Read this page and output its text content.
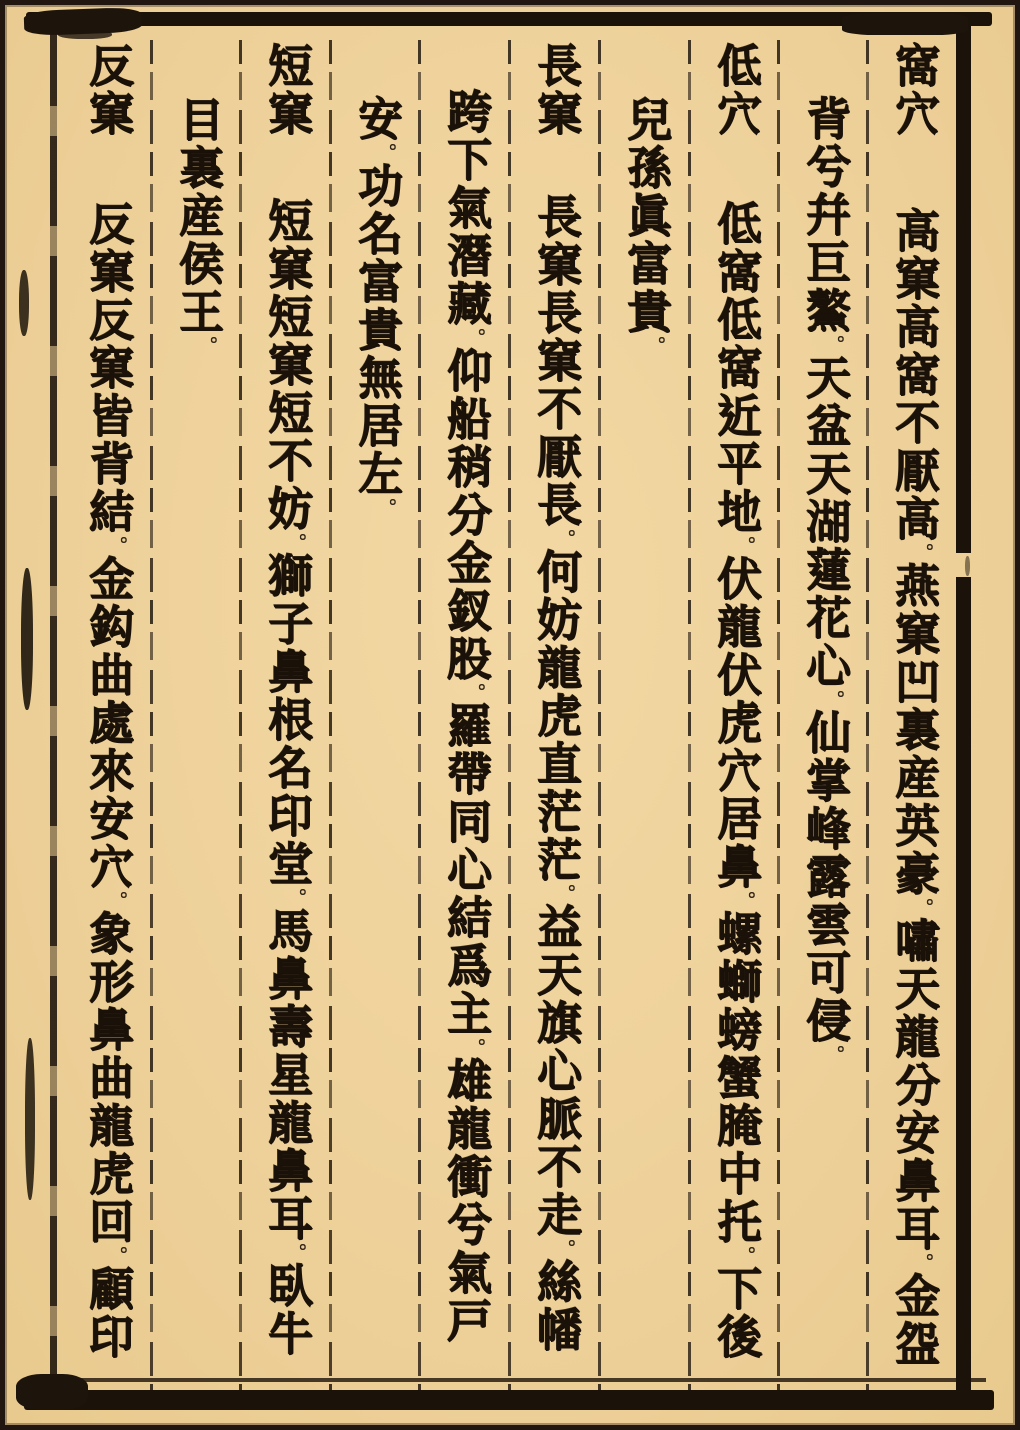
窩穴
高窠高窩不厭高。燕窠凹裏産英豪。嘯天龍分安鼻耳。金盌
背兮幷巨鰲。天盆天湖蓮花心。仙掌峰露雲可侵。
低穴
低窩低窩近平地。伏龍伏虎穴居鼻。螺螄螃蟹腌中托。下後
兒孫眞富貴。
長窠
長窠長窠不厭長。何妨龍虎直茫茫。益天旗心脈不走。絲幡
跨下氣潛藏。仰船稍分金釵股。羅帶同心結爲主。雄龍衝兮氣戸
安。功名富貴無居左。
短窠
短窠短窠短不妨。獅子鼻根名印堂。馬鼻壽星龍鼻耳。臥牛
目裏産侯王。
反窠
反窠反窠皆背結。金鈎曲處來安穴。象形鼻曲龍虎回。顧印
